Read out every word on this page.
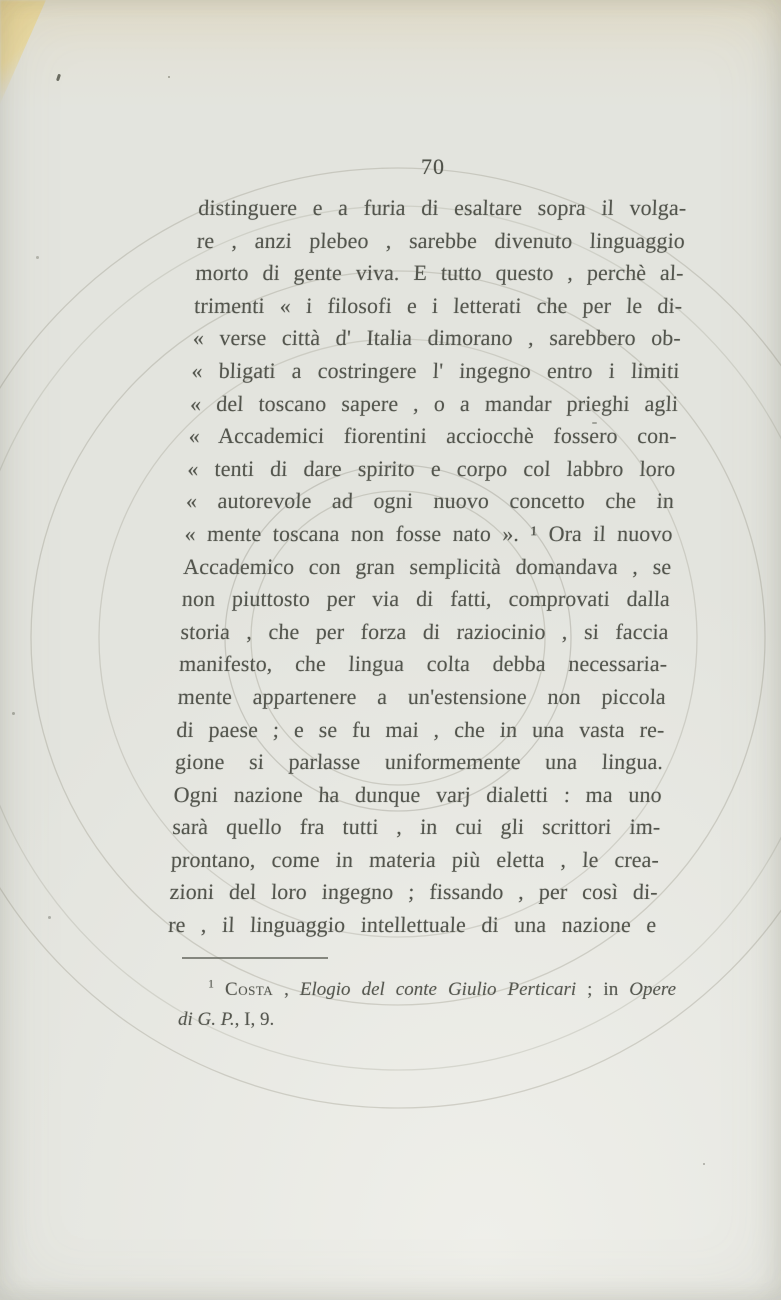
70
distinguere e a furia di esaltare sopra il volga-
re , anzi plebeo , sarebbe divenuto linguaggio
morto di gente viva. E tutto questo , perchè al-
trimenti « i filosofi e i letterati che per le di-
« verse città d' Italia dimorano , sarebbero ob-
« bligati a costringere l' ingegno entro i limiti
« del toscano sapere , o a mandar prieghi agli
« Accademici fiorentini acciocchè fossero con-
« tenti di dare spirito e corpo col labbro loro
« autorevole ad ogni nuovo concetto che in
« mente toscana non fosse nato ». ¹ Ora il nuovo
Accademico con gran semplicità domandava , se
non piuttosto per via di fatti, comprovati dalla
storia , che per forza di raziocinio , si faccia
manifesto, che lingua colta debba necessaria-
mente appartenere a un'estensione non piccola
di paese ; e se fu mai , che in una vasta re-
gione si parlasse uniformemente una lingua.
Ogni nazione ha dunque varj dialetti : ma uno
sarà quello fra tutti , in cui gli scrittori im-
prontano, come in materia più eletta , le crea-
zioni del loro ingegno ; fissando , per così di-
re , il linguaggio intellettuale di una nazione e
$^1$ Costa , Elogio del conte Giulio Perticari ; in Opere
di G. P., I, 9.
